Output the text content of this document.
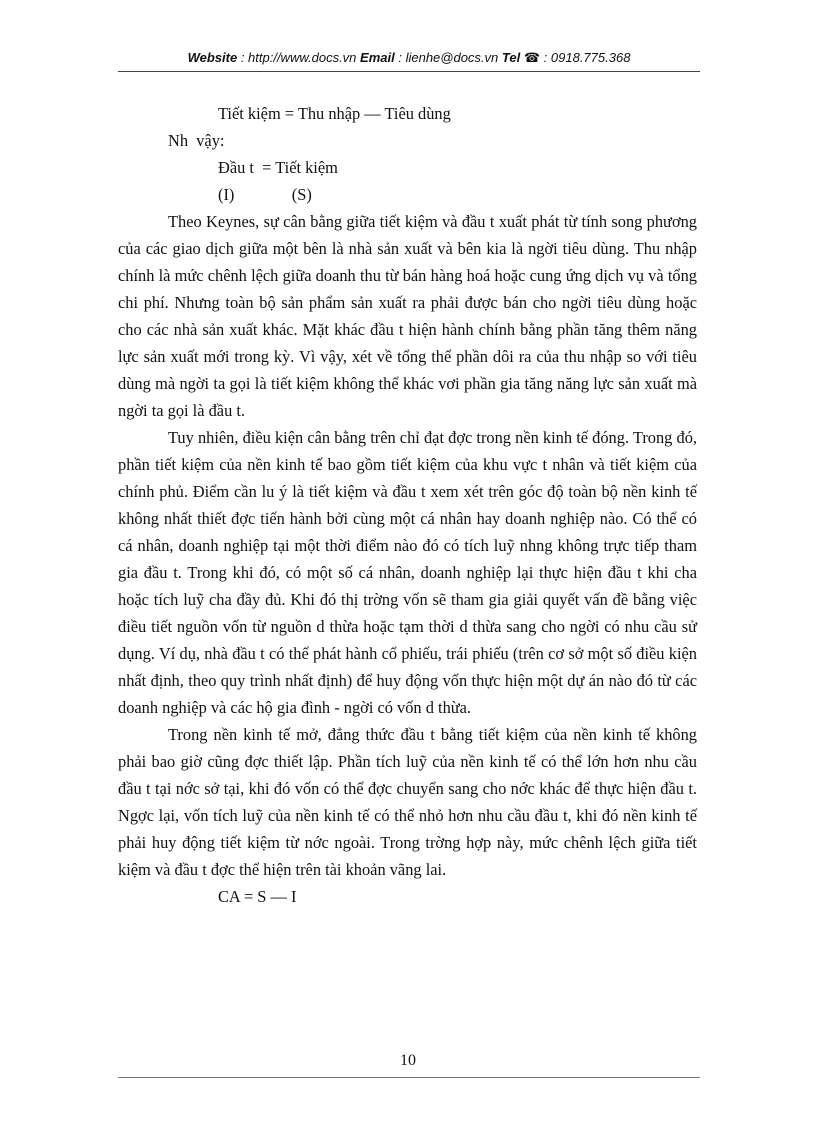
Website : http://www.docs.vn Email : lienhe@docs.vn Tel ☎ : 0918.775.368

Tiết kiệm = Thu nhập — Tiêu dùng

Nh  vậy:

Đầu t  = Tiết kiệm

(I)              (S)

Theo Keynes, sự cân bằng giữa tiết kiệm và đầu t xuất phát từ tính song phương của các giao dịch giữa một bên là nhà sản xuất và bên kia là ngời tiêu dùng. Thu nhập chính là mức chênh lệch giữa doanh thu từ bán hàng hoá hoặc cung ứng dịch vụ và tổng chi phí. Nhưng toàn bộ sản phẩm sản xuất ra phải được bán cho ngời tiêu dùng hoặc cho các nhà sản xuất khác. Mặt khác đầu t hiện hành chính bằng phần tăng thêm năng lực sản xuất mới trong kỳ. Vì vậy, xét về tổng thể phần dôi ra của thu nhập so với tiêu dùng mà ngời ta gọi là tiết kiệm không thể khác vơi phần gia tăng năng lực sản xuất mà ngời ta gọi là đầu t.

Tuy nhiên, điều kiện cân bằng trên chỉ đạt đợc trong nền kinh tế đóng. Trong đó, phần tiết kiệm của nền kinh tế bao gồm tiết kiệm của khu vực t nhân và tiết kiệm của chính phủ. Điểm cần lu ý là tiết kiệm và đầu t xem xét trên góc độ toàn bộ nền kinh tế không nhất thiết đợc tiến hành bởi cùng một cá nhân hay doanh nghiệp nào. Có thể có cá nhân, doanh nghiệp tại một thời điểm nào đó có tích luỹ nhng không trực tiếp tham gia đầu t. Trong khi đó, có một số cá nhân, doanh nghiệp lại thực hiện đầu t khi cha hoặc tích luỹ cha đầy đủ. Khi đó thị trờng vốn sẽ tham gia giải quyết vấn đề bằng việc điều tiết nguồn vốn từ nguồn d thừa hoặc tạm thời d thừa sang cho ngời có nhu cầu sử dụng. Ví dụ, nhà đầu t có thể phát hành cổ phiếu, trái phiếu (trên cơ sở một số điều kiện nhất định, theo quy trình nhất định) để huy động vốn thực hiện một dự án nào đó từ các doanh nghiệp và các hộ gia đình - ngời có vốn d thừa.

Trong nền kinh tế mở, đẳng thức đầu t bằng tiết kiệm của nền kinh tế không phải bao giờ cũng đợc thiết lập. Phần tích luỹ của nền kinh tế có thể lớn hơn nhu cầu đầu t tại nớc sở tại, khi đó vốn có thể đợc chuyển sang cho nớc khác để thực hiện đầu t. Ngợc lại, vốn tích luỹ của nền kinh tế có thể nhỏ hơn nhu cầu đầu t, khi đó nền kinh tế phải huy động tiết kiệm từ nớc ngoài. Trong trờng hợp này, mức chênh lệch giữa tiết kiệm và đầu t đợc thể hiện trên tài khoản vãng lai.

CA = S — I

10
